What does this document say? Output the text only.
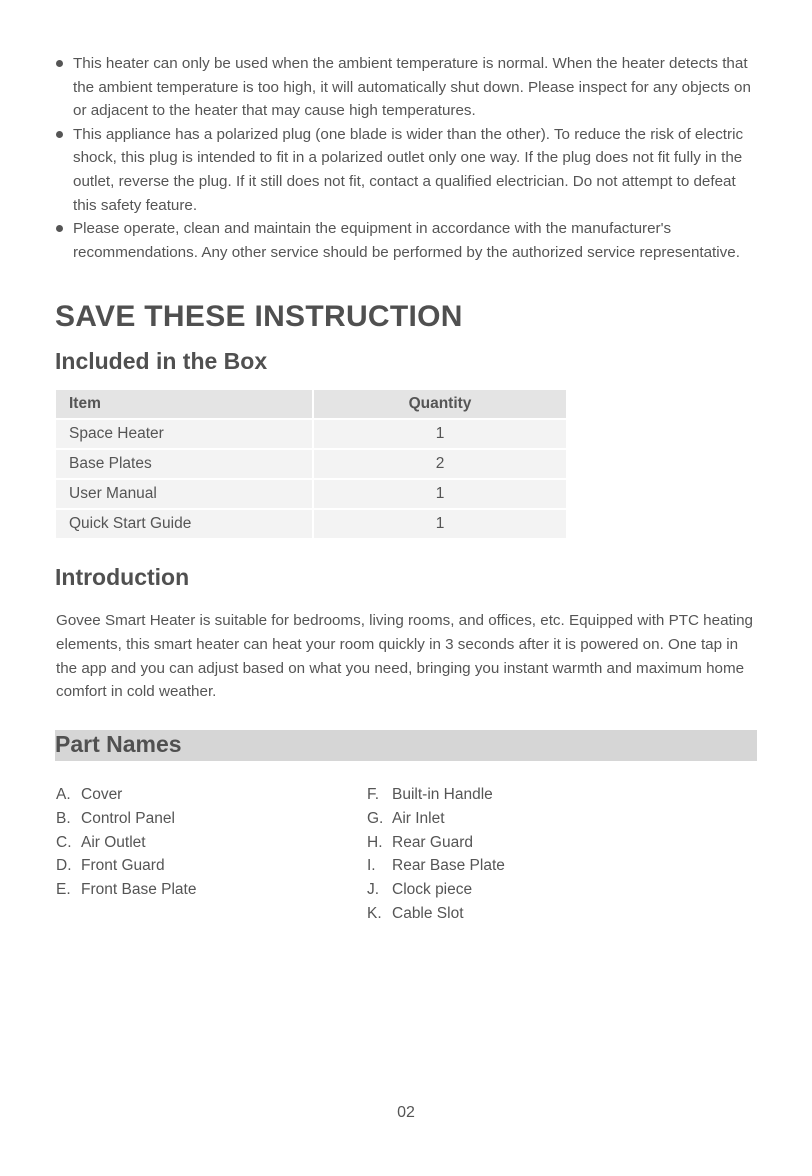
This heater can only be used when the ambient temperature is normal. When the heater detects that the ambient temperature is too high, it will automatically shut down. Please inspect for any objects on or adjacent to the heater that may cause high temperatures.
This appliance has a polarized plug (one blade is wider than the other). To reduce the risk of electric shock, this plug is intended to fit in a polarized outlet only one way. If the plug does not fit fully in the outlet, reverse the plug. If it still does not fit, contact a qualified electrician. Do not attempt to defeat this safety feature.
Please operate, clean and maintain the equipment in accordance with the manufacturer's recommendations. Any other service should be performed by the authorized service representative.
SAVE THESE INSTRUCTION
Included in the Box
Item	Quantity
Space Heater	1
Base Plates	2
User Manual	1
Quick Start Guide	1
Introduction

Govee Smart Heater is suitable for bedrooms, living rooms, and offices, etc. Equipped with PTC heating elements, this smart heater can heat your room quickly in 3 seconds after it is powered on. One tap in the app and you can adjust based on what you need, bringing you instant warmth and maximum home comfort in cold weather.

Part Names
A. Cover
B. Control Panel
C. Air Outlet
D. Front Guard
E. Front Base Plate
F. Built-in Handle
G. Air Inlet
H. Rear Guard
I. Rear Base Plate
J. Clock piece
K. Cable Slot
02
